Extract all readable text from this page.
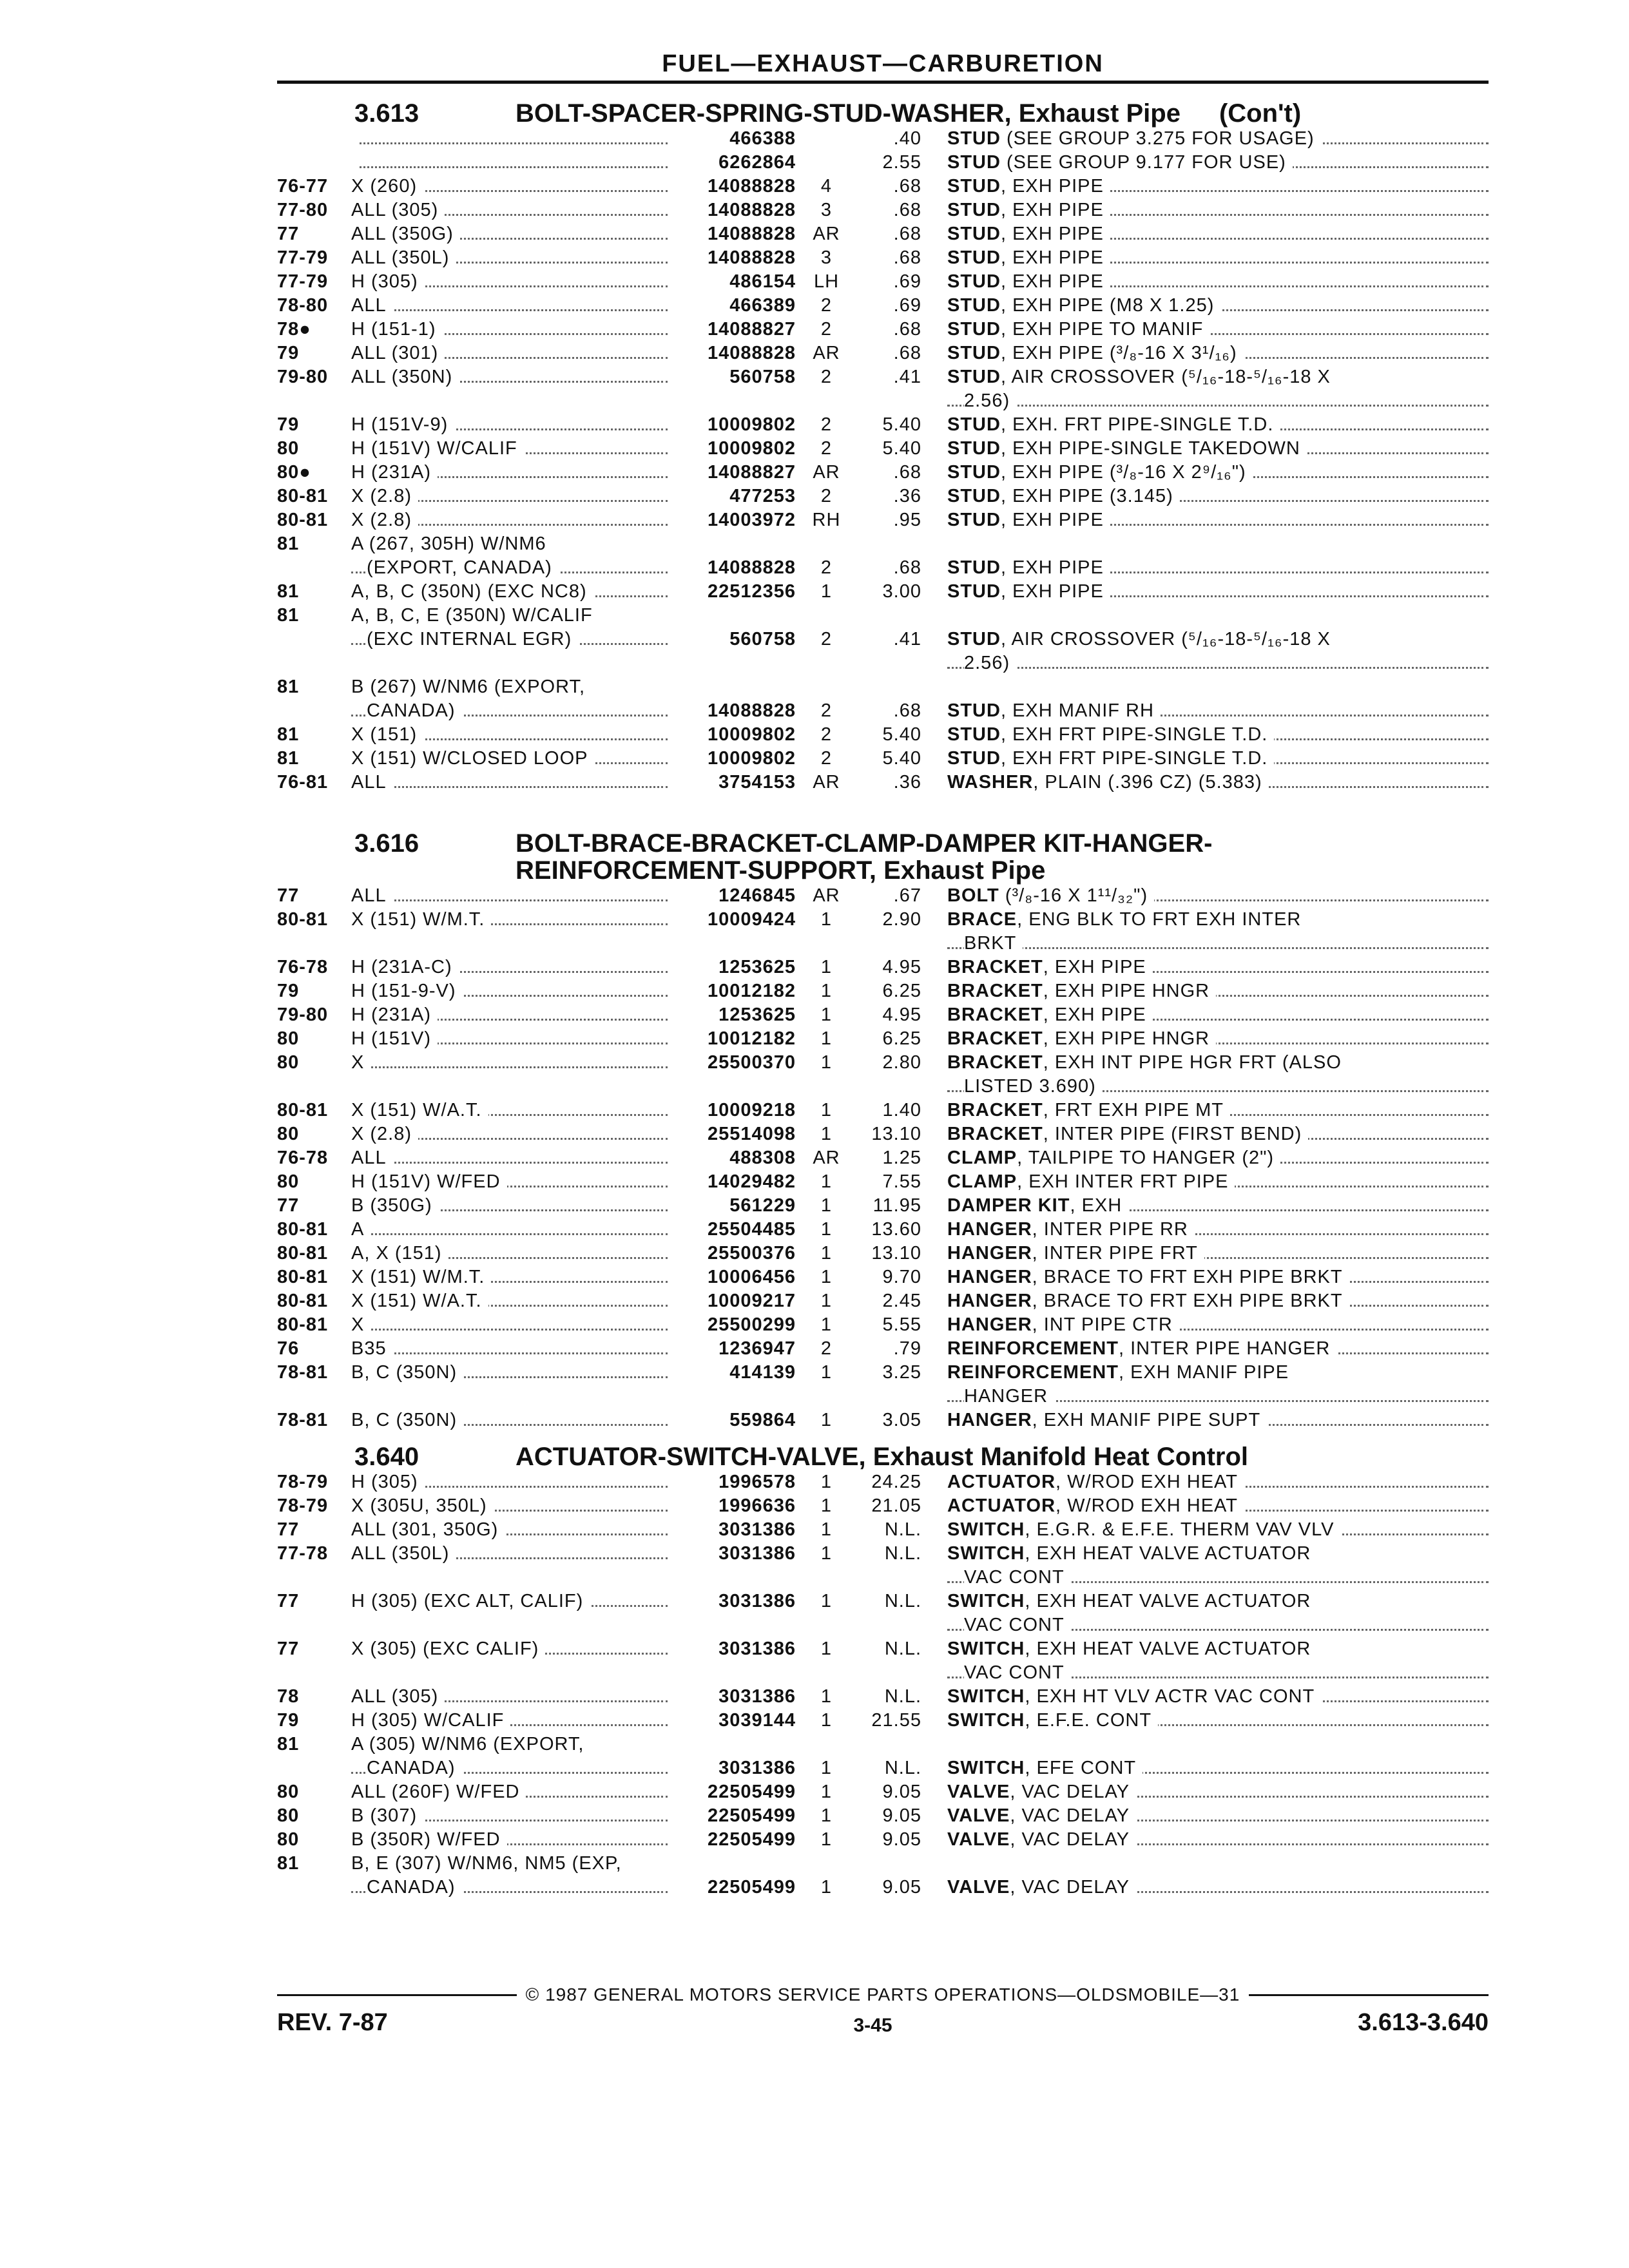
FUEL—EXHAUST—CARBURETION
3.613	BOLT-SPACER-SPRING-STUD-WASHER, Exhaust Pipe (Con't)
466388	.40 STUD (SEE GROUP 3.275 FOR USAGE)
6262864	2.55 STUD (SEE GROUP 9.177 FOR USE)
76-77	X (260)	14088828	4	.68 STUD, EXH PIPE
77-80	ALL (305)	14088828	3	.68 STUD, EXH PIPE
77	ALL (350G)	14088828 AR	.68 STUD, EXH PIPE
77-79	ALL (350L)	14088828	3	.68 STUD, EXH PIPE
77-79	H (305)	486154 LH	.69 STUD, EXH PIPE
78-80	ALL	466389	2	.69 STUD, EXH PIPE (M8 X 1.25)
78●	H (151-1)	14088827	2	.68 STUD, EXH PIPE TO MANIF
79	ALL (301)	14088828 AR	.68 STUD, EXH PIPE (³/₈-16 X 3¹/₁₆)
79-80	ALL (350N)	560758	2	.41 STUD, AIR CROSSOVER (⁵/₁₆-18-⁵/₁₆-18 X
2.56)
79	H (151V-9)	10009802	2	5.40 STUD, EXH. FRT PIPE-SINGLE T.D.
80	H (151V) W/CALIF	10009802	2	5.40 STUD, EXH PIPE-SINGLE TAKEDOWN
80●	H (231A)	14088827 AR	.68 STUD, EXH PIPE (³/₈-16 X 2⁹/₁₆")
80-81	X (2.8)	477253	2	.36 STUD, EXH PIPE (3.145)
80-81	X (2.8)	14003972 RH	.95 STUD, EXH PIPE
81	A (267, 305H) W/NM6
(EXPORT, CANADA)	14088828	2	.68 STUD, EXH PIPE
81	A, B, C (350N) (EXC NC8)	22512356	1	3.00 STUD, EXH PIPE
81	A, B, C, E (350N) W/CALIF
(EXC INTERNAL EGR)	560758	2	.41 STUD, AIR CROSSOVER (⁵/₁₆-18-⁵/₁₆-18 X
2.56)
81	B (267) W/NM6 (EXPORT,
CANADA)	14088828	2	.68 STUD, EXH MANIF RH
81	X (151)	10009802	2	5.40 STUD, EXH FRT PIPE-SINGLE T.D.
81	X (151) W/CLOSED LOOP	10009802	2	5.40 STUD, EXH FRT PIPE-SINGLE T.D.
76-81	ALL	3754153 AR	.36 WASHER, PLAIN (.396 CZ) (5.383)
3.616	BOLT-BRACE-BRACKET-CLAMP-DAMPER KIT-HANGER-
REINFORCEMENT-SUPPORT, Exhaust Pipe
77	ALL	1246845 AR	.67 BOLT (³/₈-16 X 1¹¹/₃₂")
80-81	X (151) W/M.T.	10009424	1	2.90 BRACE, ENG BLK TO FRT EXH INTER
BRKT
76-78	H (231A-C)	1253625	1	4.95 BRACKET, EXH PIPE
79	H (151-9-V)	10012182	1	6.25 BRACKET, EXH PIPE HNGR
79-80	H (231A)	1253625	1	4.95 BRACKET, EXH PIPE
80	H (151V)	10012182	1	6.25 BRACKET, EXH PIPE HNGR
80	X	25500370	1	2.80 BRACKET, EXH INT PIPE HGR FRT (ALSO
LISTED 3.690)
80-81	X (151) W/A.T.	10009218	1	1.40 BRACKET, FRT EXH PIPE MT
80	X (2.8)	25514098	1	13.10 BRACKET, INTER PIPE (FIRST BEND)
76-78	ALL	488308 AR	1.25 CLAMP, TAILPIPE TO HANGER (2")
80	H (151V) W/FED	14029482	1	7.55 CLAMP, EXH INTER FRT PIPE
77	B (350G)	561229	1	11.95 DAMPER KIT, EXH
80-81	A	25504485	1	13.60 HANGER, INTER PIPE RR
80-81	A, X (151)	25500376	1	13.10 HANGER, INTER PIPE FRT
80-81	X (151) W/M.T.	10006456	1	9.70 HANGER, BRACE TO FRT EXH PIPE BRKT
80-81	X (151) W/A.T.	10009217	1	2.45 HANGER, BRACE TO FRT EXH PIPE BRKT
80-81	X	25500299	1	5.55 HANGER, INT PIPE CTR
76	B35	1236947	2	.79 REINFORCEMENT, INTER PIPE HANGER
78-81	B, C (350N)	414139	1	3.25 REINFORCEMENT, EXH MANIF PIPE
HANGER
78-81	B, C (350N)	559864	1	3.05 HANGER, EXH MANIF PIPE SUPT
3.640	ACTUATOR-SWITCH-VALVE, Exhaust Manifold Heat Control
78-79	H (305)	1996578	1	24.25 ACTUATOR, W/ROD EXH HEAT
78-79	X (305U, 350L)	1996636	1	21.05 ACTUATOR, W/ROD EXH HEAT
77	ALL (301, 350G)	3031386	1	N.L. SWITCH, E.G.R. & E.F.E. THERM VAV VLV
77-78	ALL (350L)	3031386	1	N.L. SWITCH, EXH HEAT VALVE ACTUATOR
VAC CONT
77	H (305) (EXC ALT, CALIF)	3031386	1	N.L. SWITCH, EXH HEAT VALVE ACTUATOR
VAC CONT
77	X (305) (EXC CALIF)	3031386	1	N.L. SWITCH, EXH HEAT VALVE ACTUATOR
VAC CONT
78	ALL (305)	3031386	1	N.L. SWITCH, EXH HT VLV ACTR VAC CONT
79	H (305) W/CALIF	3039144	1	21.55 SWITCH, E.F.E. CONT
81	A (305) W/NM6 (EXPORT,
CANADA)	3031386	1	N.L. SWITCH, EFE CONT
80	ALL (260F) W/FED	22505499	1	9.05 VALVE, VAC DELAY
80	B (307)	22505499	1	9.05 VALVE, VAC DELAY
80	B (350R) W/FED	22505499	1	9.05 VALVE, VAC DELAY
81	B, E (307) W/NM6, NM5 (EXP,
CANADA)	22505499	1	9.05 VALVE, VAC DELAY
© 1987 GENERAL MOTORS SERVICE PARTS OPERATIONS—OLDSMOBILE—31
REV. 7-87	3-45	3.613-3.640
